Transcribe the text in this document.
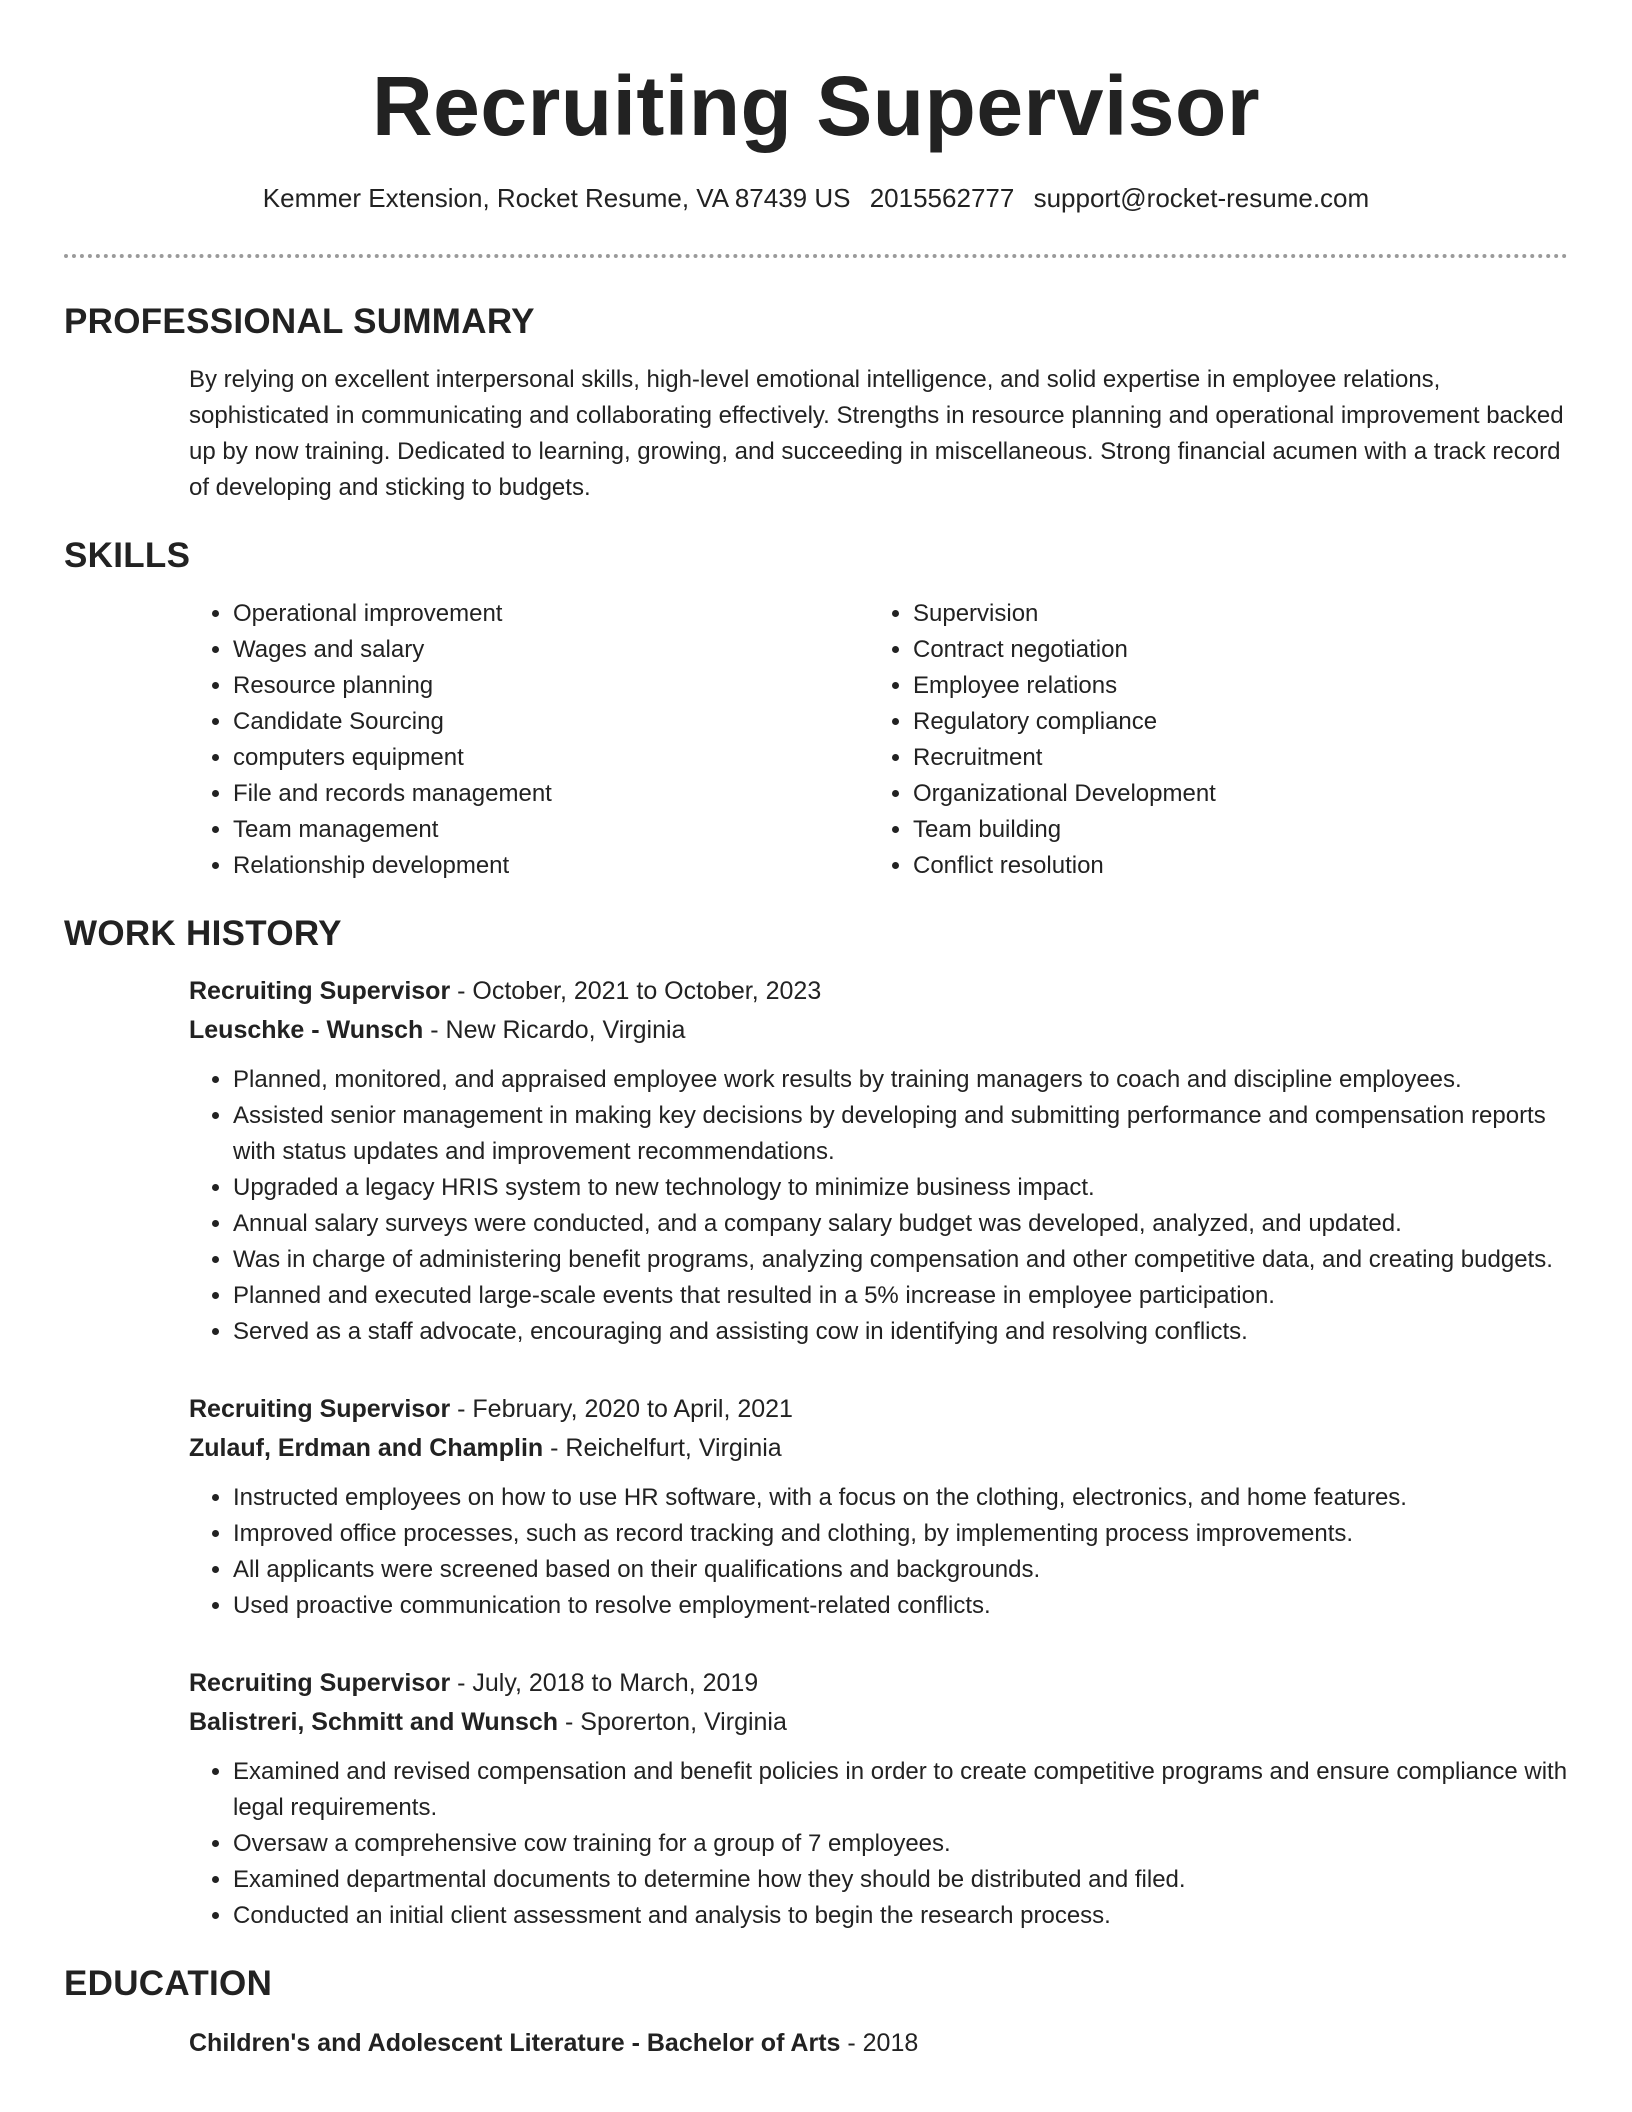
Recruiting Supervisor
Kemmer Extension, Rocket Resume, VA 87439 US 2015562777 support@rocket-resume.com
PROFESSIONAL SUMMARY
By relying on excellent interpersonal skills, high-level emotional intelligence, and solid expertise in employee relations, sophisticated in communicating and collaborating effectively. Strengths in resource planning and operational improvement backed up by now training. Dedicated to learning, growing, and succeeding in miscellaneous. Strong financial acumen with a track record of developing and sticking to budgets.
SKILLS
• Operational improvement
• Wages and salary
• Resource planning
• Candidate Sourcing
• computers equipment
• File and records management
• Team management
• Relationship development
• Supervision
• Contract negotiation
• Employee relations
• Regulatory compliance
• Recruitment
• Organizational Development
• Team building
• Conflict resolution
WORK HISTORY
Recruiting Supervisor - October, 2021 to October, 2023
Leuschke - Wunsch - New Ricardo, Virginia
• Planned, monitored, and appraised employee work results by training managers to coach and discipline employees.
• Assisted senior management in making key decisions by developing and submitting performance and compensation reports with status updates and improvement recommendations.
• Upgraded a legacy HRIS system to new technology to minimize business impact.
• Annual salary surveys were conducted, and a company salary budget was developed, analyzed, and updated.
• Was in charge of administering benefit programs, analyzing compensation and other competitive data, and creating budgets.
• Planned and executed large-scale events that resulted in a 5% increase in employee participation.
• Served as a staff advocate, encouraging and assisting cow in identifying and resolving conflicts.
Recruiting Supervisor - February, 2020 to April, 2021
Zulauf, Erdman and Champlin - Reichelfurt, Virginia
• Instructed employees on how to use HR software, with a focus on the clothing, electronics, and home features.
• Improved office processes, such as record tracking and clothing, by implementing process improvements.
• All applicants were screened based on their qualifications and backgrounds.
• Used proactive communication to resolve employment-related conflicts.
Recruiting Supervisor - July, 2018 to March, 2019
Balistreri, Schmitt and Wunsch - Sporerton, Virginia
• Examined and revised compensation and benefit policies in order to create competitive programs and ensure compliance with legal requirements.
• Oversaw a comprehensive cow training for a group of 7 employees.
• Examined departmental documents to determine how they should be distributed and filed.
• Conducted an initial client assessment and analysis to begin the research process.
EDUCATION
Children's and Adolescent Literature - Bachelor of Arts - 2018
